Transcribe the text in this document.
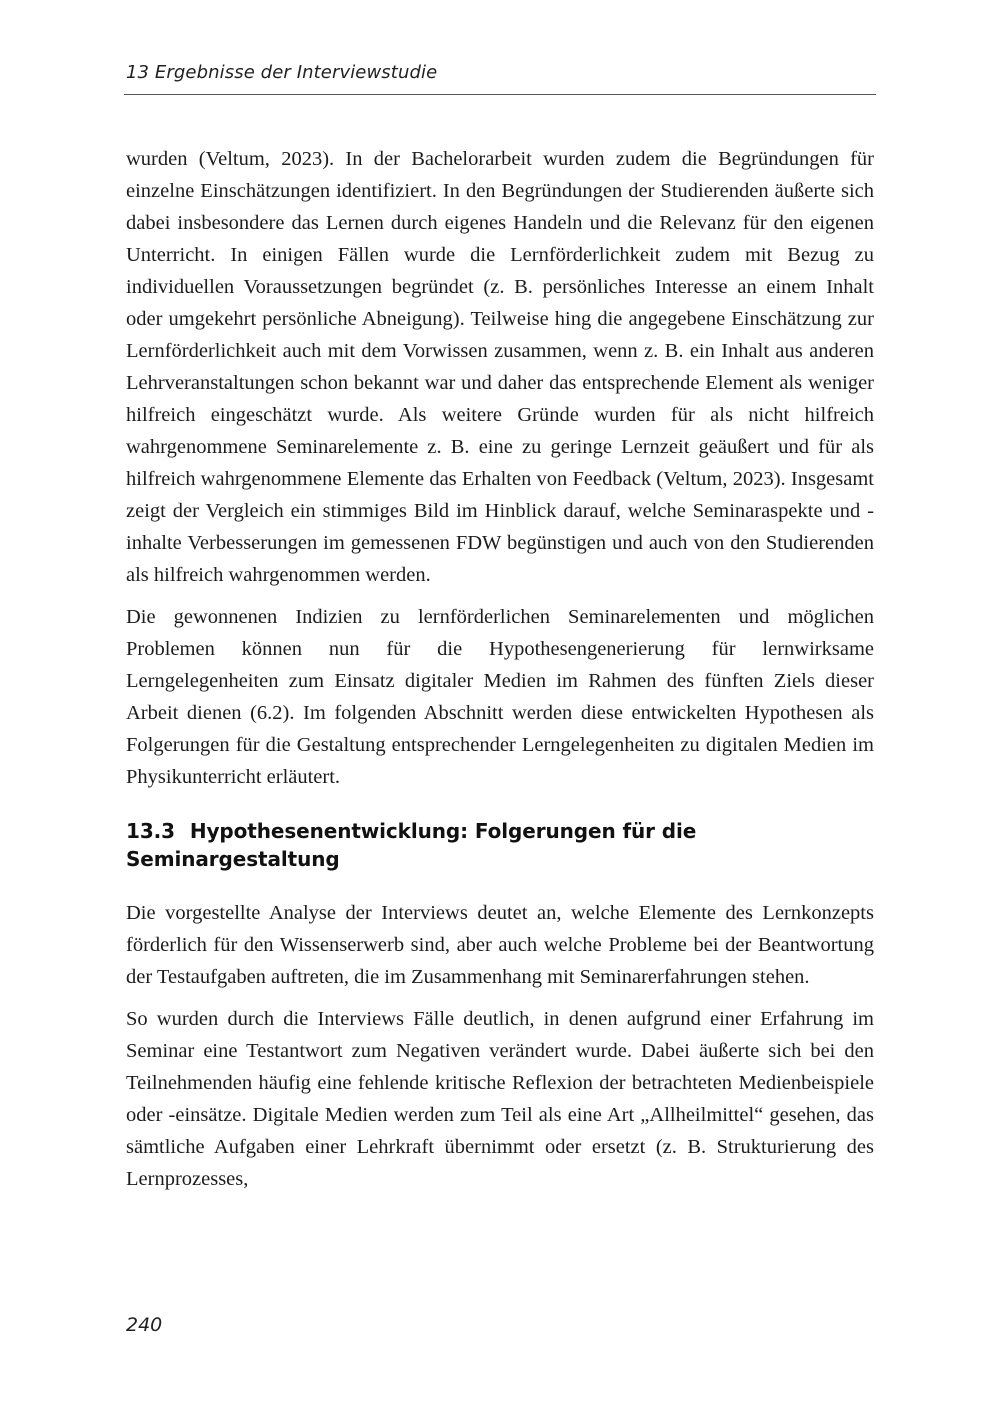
13 Ergebnisse der Interviewstudie

wurden (Veltum, 2023). In der Bachelorarbeit wurden zudem die Begründungen für einzelne Einschätzungen identifiziert. In den Begründungen der Studierenden äußerte sich dabei insbesondere das Lernen durch eigenes Handeln und die Relevanz für den eigenen Unterricht. In einigen Fällen wurde die Lernförderlichkeit zudem mit Bezug zu individuellen Voraussetzungen begründet (z. B. persönliches Interesse an einem Inhalt oder umgekehrt persönliche Abneigung). Teilweise hing die angegebene Einschätzung zur Lernförderlichkeit auch mit dem Vorwissen zusammen, wenn z. B. ein Inhalt aus anderen Lehrveranstaltungen schon bekannt war und daher das entsprechende Element als weniger hilfreich eingeschätzt wurde. Als weitere Gründe wurden für als nicht hilfreich wahrgenommene Seminarelemente z. B. eine zu geringe Lernzeit geäußert und für als hilfreich wahrgenommene Elemente das Erhalten von Feedback (Veltum, 2023). Insgesamt zeigt der Vergleich ein stimmiges Bild im Hinblick darauf, welche Seminaraspekte und -inhalte Verbesserungen im gemessenen FDW begünstigen und auch von den Studierenden als hilfreich wahrgenommen werden.

Die gewonnenen Indizien zu lernförderlichen Seminarelementen und möglichen Problemen können nun für die Hypothesengenerierung für lernwirksame Lerngelegenheiten zum Einsatz digitaler Medien im Rahmen des fünften Ziels dieser Arbeit dienen (6.2). Im folgenden Abschnitt werden diese entwickelten Hypothesen als Folgerungen für die Gestaltung entsprechender Lerngelegenheiten zu digitalen Medien im Physikunterricht erläutert.

13.3 Hypothesenentwicklung: Folgerungen für die Seminargestaltung

Die vorgestellte Analyse der Interviews deutet an, welche Elemente des Lernkonzepts förderlich für den Wissenserwerb sind, aber auch welche Probleme bei der Beantwortung der Testaufgaben auftreten, die im Zusammenhang mit Seminarerfahrungen stehen.

So wurden durch die Interviews Fälle deutlich, in denen aufgrund einer Erfahrung im Seminar eine Testantwort zum Negativen verändert wurde. Dabei äußerte sich bei den Teilnehmenden häufig eine fehlende kritische Reflexion der betrachteten Medienbeispiele oder -einsätze. Digitale Medien werden zum Teil als eine Art „Allheilmittel“ gesehen, das sämtliche Aufgaben einer Lehrkraft übernimmt oder ersetzt (z. B. Strukturierung des Lernprozesses,

240
